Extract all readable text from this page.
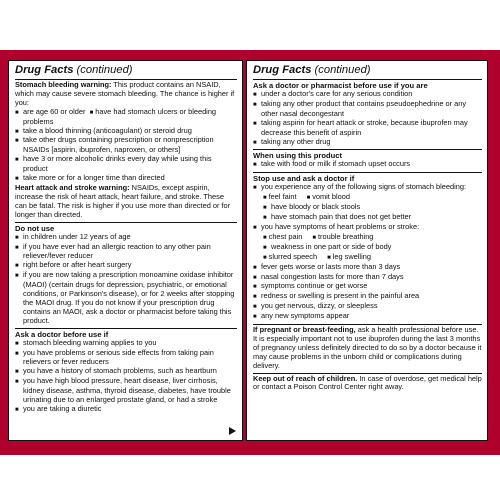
Drug Facts (continued)
Stomach bleeding warning: This product contains an NSAID, which may cause severe stomach bleeding. The chance is higher if you:
■ are age 60 or older ■ have had stomach ulcers or bleeding problems
■ take a blood thinning (anticoagulant) or steroid drug
■ take other drugs containing prescription or nonprescription NSAIDs [aspirin, ibuprofen, naproxen, or others]
■ have 3 or more alcoholic drinks every day while using this product
■ take more or for a longer time than directed
Heart attack and stroke warning: NSAIDs, except aspirin, increase the risk of heart attack, heart failure, and stroke. These can be fatal. The risk is higher if you use more than directed or for longer than directed.
Do not use
■ in children under 12 years of age
■ if you have ever had an allergic reaction to any other pain reliever/fever reducer
■ right before or after heart surgery
■ if you are now taking a prescription monoamine oxidase inhibitor (MAOI) (certain drugs for depression, psychiatric, or emotional conditions, or Parkinson's disease), or for 2 weeks after stopping the MAOI drug. If you do not know if your prescription drug contains an MAOI, ask a doctor or pharmacist before taking this product.
Ask a doctor before use if
■ stomach bleeding warning applies to you
■ you have problems or serious side effects from taking pain relievers or fever reducers
■ you have a history of stomach problems, such as heartburn
■ you have high blood pressure, heart disease, liver cirrhosis, kidney disease, asthma, thyroid disease, diabetes, have trouble urinating due to an enlarged prostate gland, or had a stroke
■ you are taking a diuretic
Drug Facts (continued)
Ask a doctor or pharmacist before use if you are
■ under a doctor's care for any serious condition
■ taking any other product that contains pseudoephedrine or any other nasal decongestant
■ taking aspirin for heart attack or stroke, because ibuprofen may decrease this benefit of aspirin
■ taking any other drug
When using this product
■ take with food or milk if stomach upset occurs
Stop use and ask a doctor if
■ you experience any of the following signs of stomach bleeding:
■ feel faint ■ vomit blood
■ have bloody or black stools
■ have stomach pain that does not get better
■ you have symptoms of heart problems or stroke:
■ chest pain ■ trouble breathing
■ weakness in one part or side of body
■ slurred speech ■ leg swelling
■ fever gets worse or lasts more than 3 days
■ nasal congestion lasts for more than 7 days
■ symptoms continue or get worse
■ redness or swelling is present in the painful area
■ you get nervous, dizzy, or sleepless
■ any new symptoms appear
If pregnant or breast-feeding, ask a health professional before use. It is especially important not to use ibuprofen during the last 3 months of pregnancy unless definitely directed to do so by a doctor because it may cause problems in the unborn child or complications during delivery.
Keep out of reach of children. In case of overdose, get medical help or contact a Poison Control Center right away.
